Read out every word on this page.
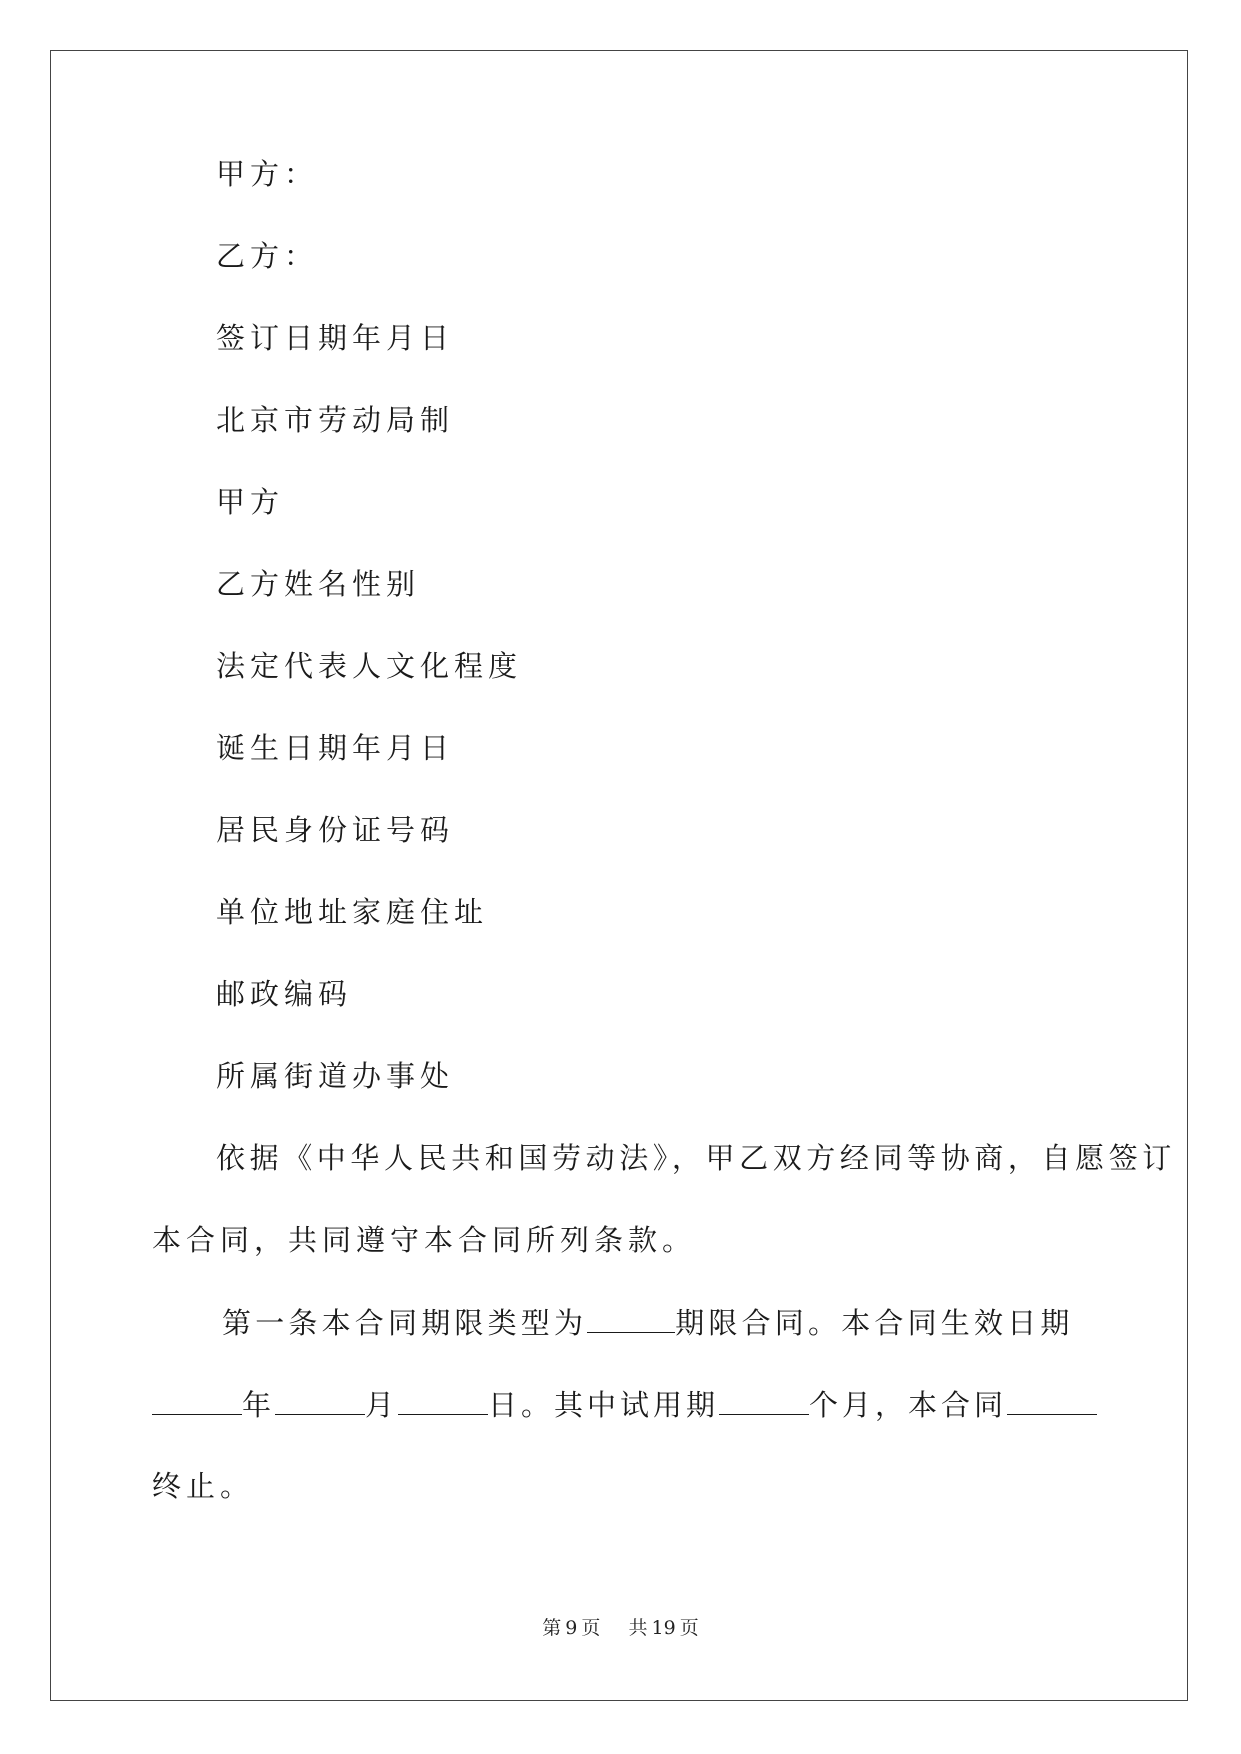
甲方：
乙方：
签订日期年月日
北京市劳动局制
甲方
乙方姓名性别
法定代表人文化程度
诞生日期年月日
居民身份证号码
单位地址家庭住址
邮政编码
所属街道办事处
依据《中华人民共和国劳动法》，甲乙双方经同等协商，自愿签订
本合同，共同遵守本合同所列条款。
第一条本合同期限类型为	期限合同。本合同生效日期
年	月	日。其中试用期	个月，本合同
终止。
第 9 页 共 19 页
